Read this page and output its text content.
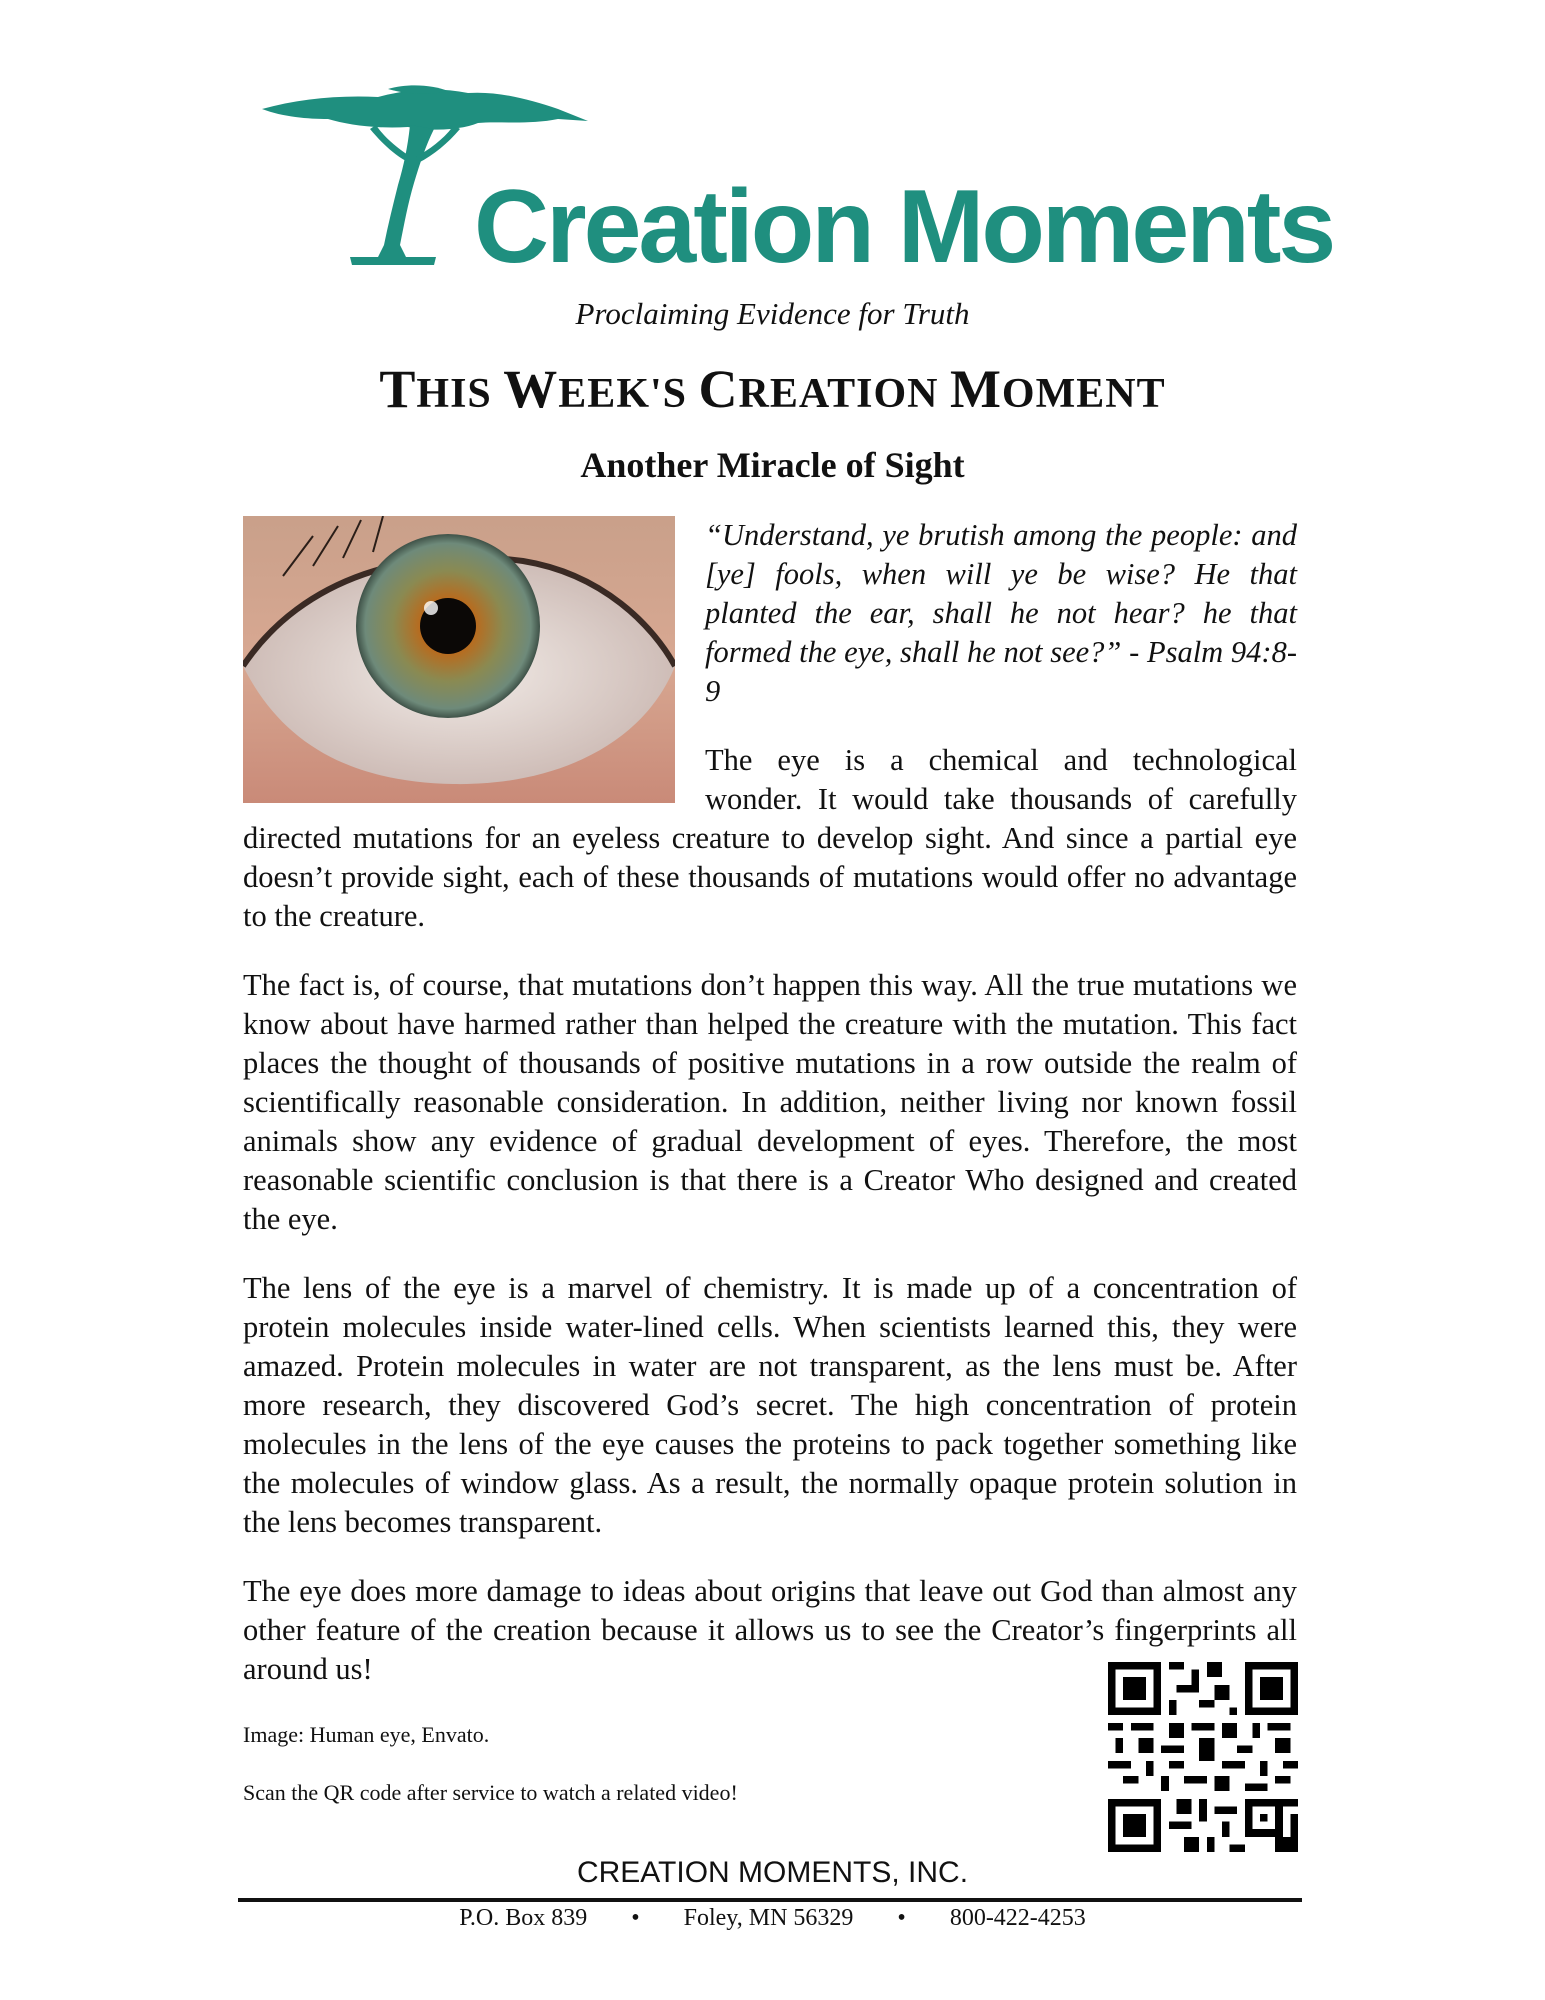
Creation Moments
Proclaiming Evidence for Truth
THIS WEEK'S CREATION MOMENT
Another Miracle of Sight

“Understand, ye brutish among the people: and [ye] fools, when will ye be wise? He that planted the ear, shall he not hear? he that formed the eye, shall he not see?” - Psalm 94:8-9

The eye is a chemical and technological wonder. It would take thousands of carefully directed mutations for an eyeless creature to develop sight. And since a partial eye doesn’t provide sight, each of these thousands of mutations would offer no advantage to the creature.

The fact is, of course, that mutations don’t happen this way. All the true mutations we know about have harmed rather than helped the creature with the mutation. This fact places the thought of thousands of positive mutations in a row outside the realm of scientifically reasonable consideration. In addition, neither living nor known fossil animals show any evidence of gradual development of eyes. Therefore, the most reasonable scientific conclusion is that there is a Creator Who designed and created the eye.

The lens of the eye is a marvel of chemistry. It is made up of a concentration of protein molecules inside water-lined cells. When scientists learned this, they were amazed. Protein molecules in water are not transparent, as the lens must be. After more research, they discovered God’s secret. The high concentration of protein molecules in the lens of the eye causes the proteins to pack together something like the molecules of window glass. As a result, the normally opaque protein solution in the lens becomes transparent.

The eye does more damage to ideas about origins that leave out God than almost any other feature of the creation because it allows us to see the Creator’s fingerprints all around us!

Image: Human eye, Envato.
Scan the QR code after service to watch a related video!
CREATION MOMENTS, INC.
P.O. Box 839 • Foley, MN 56329 • 800-422-4253
